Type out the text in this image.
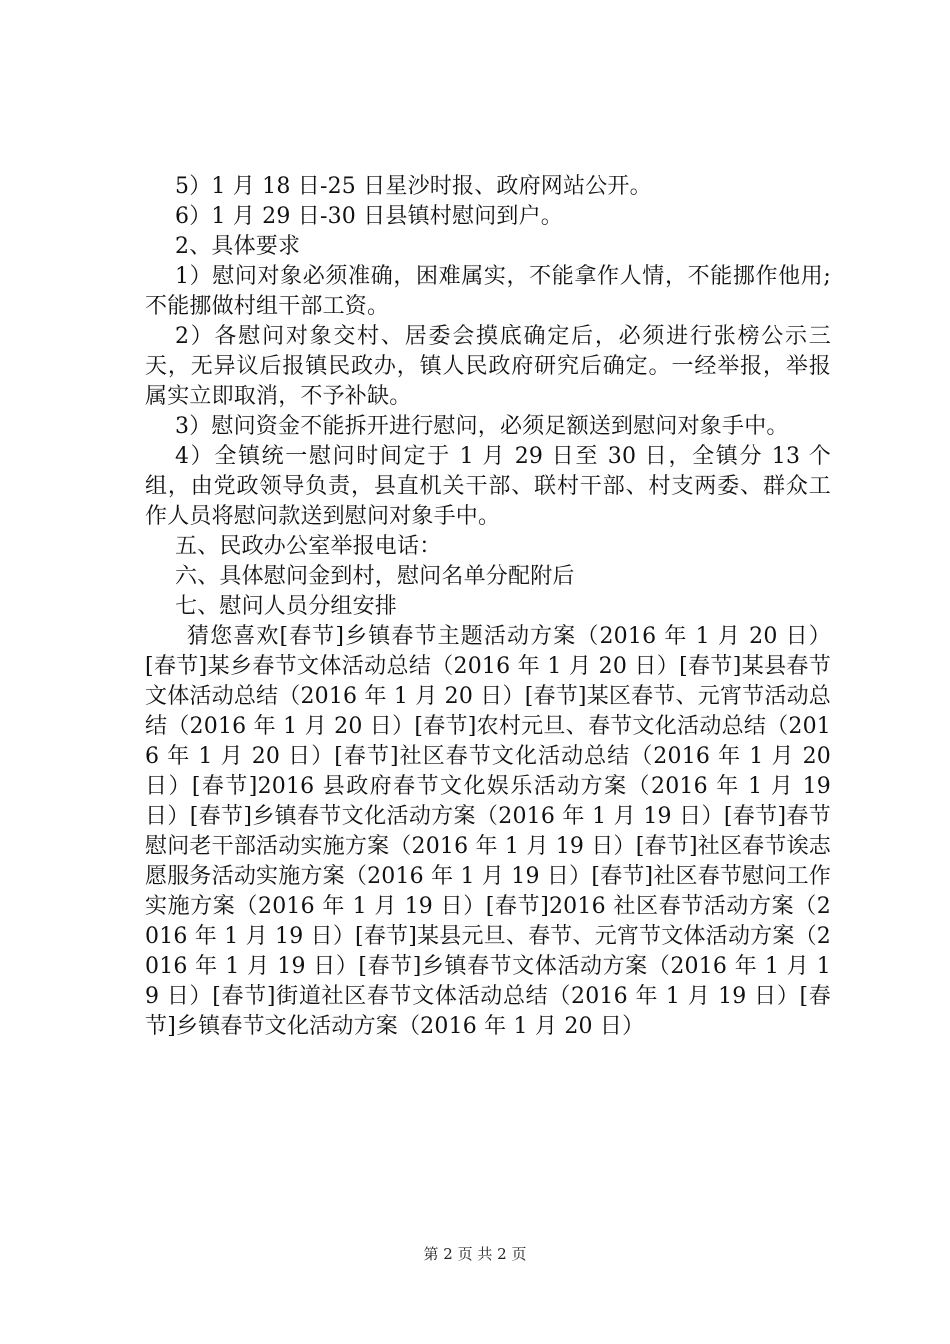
5）1 月 18 日-25 日星沙时报、政府网站公开。

6）1 月 29 日-30 日县镇村慰问到户。

2、具体要求

1）慰问对象必须准确，困难属实，不能拿作人情，不能挪作他用;不能挪做村组干部工资。

2）各慰问对象交村、居委会摸底确定后，必须进行张榜公示三天，无异议后报镇民政办，镇人民政府研究后确定。一经举报，举报属实立即取消，不予补缺。

3）慰问资金不能拆开进行慰问，必须足额送到慰问对象手中。

4）全镇统一慰问时间定于 1 月 29 日至 30 日，全镇分 13 个组，由党政领导负责，县直机关干部、联村干部、村支两委、群众工作人员将慰问款送到慰问对象手中。

五、民政办公室举报电话：

六、具体慰问金到村，慰问名单分配附后

七、慰问人员分组安排

猜您喜欢[春节]乡镇春节主题活动方案（2016 年 1 月 20 日）[春节]某乡春节文体活动总结（2016 年 1 月 20 日）[春节]某县春节文体活动总结（2016 年 1 月 20 日）[春节]某区春节、元宵节活动总结（2016 年 1 月 20 日）[春节]农村元旦、春节文化活动总结（2016 年 1 月 20 日）[春节]社区春节文化活动总结（2016 年 1 月 20 日）[春节]2016 县政府春节文化娱乐活动方案（2016 年 1 月 19 日）[春节]乡镇春节文化活动方案（2016 年 1 月 19 日）[春节]春节慰问老干部活动实施方案（2016 年 1 月 19 日）[春节]社区春节诶志愿服务活动实施方案（2016 年 1 月 19 日）[春节]社区春节慰问工作实施方案（2016 年 1 月 19 日）[春节]2016 社区春节活动方案（2016 年 1 月 19 日）[春节]某县元旦、春节、元宵节文体活动方案（2016 年 1 月 19 日）[春节]乡镇春节文体活动方案（2016 年 1 月 19 日）[春节]街道社区春节文体活动总结（2016 年 1 月 19 日）[春节]乡镇春节文化活动方案（2016 年 1 月 20 日）

第 2 页 共 2 页
